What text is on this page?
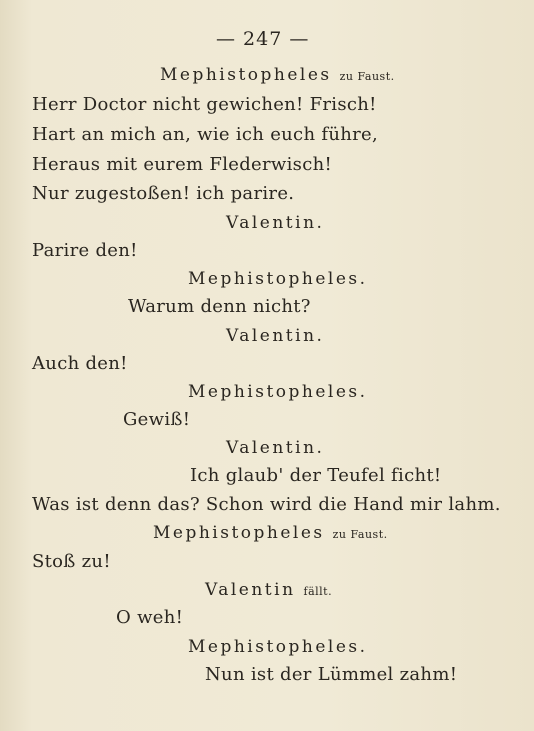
— 247 —
Mephistopheles zu Faust.
Herr Doctor nicht gewichen! Frisch!
Hart an mich an, wie ich euch führe,
Heraus mit eurem Flederwisch!
Nur zugestoßen! ich parire.
Valentin.
Parire den!
Mephistopheles.
Warum denn nicht?
Valentin.
Auch den!
Mephistopheles.
Gewiß!
Valentin.
Ich glaub' der Teufel ficht!
Was ist denn das? Schon wird die Hand mir lahm.
Mephistopheles zu Faust.
Stoß zu!
Valentin fällt.
O weh!
Mephistopheles.
Nun ist der Lümmel zahm!
